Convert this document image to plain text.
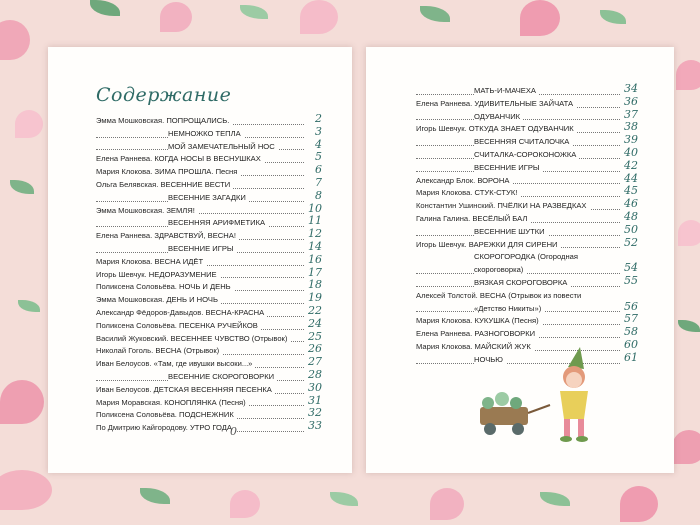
Содержание
Эмма Мошковская. ПОПРОЩАЛИСЬ.	2
НЕМНОЖКО ТЕПЛА	3
МОЙ ЗАМЕЧАТЕЛЬНЫЙ НОС	4
Елена Раннева. КОГДА НОСЫ В ВЕСНУШКАХ	5
Мария Клокова. ЗИМА ПРОШЛА. Песня	6
Ольга Белявская. ВЕСЕННИЕ ВЕСТИ	7
ВЕСЕННИЕ ЗАГАДКИ	8
Эмма Мошковская. ЗЕМЛЯ!	10
ВЕСЕННЯЯ АРИФМЕТИКА	11
Елена Раннева. ЗДРАВСТВУЙ, ВЕСНА!	12
ВЕСЕННИЕ ИГРЫ	14
Мария Клокова. ВЕСНА ИДЁТ	16
Игорь Шевчук. НЕДОРАЗУМЕНИЕ	17
Поликсена Соловьёва. НОЧЬ И ДЕНЬ	18
Эмма Мошковская. ДЕНЬ И НОЧЬ	19
Александр Фёдоров-Давыдов. ВЕСНА-КРАСНА	22
Поликсена Соловьёва. ПЕСЕНКА РУЧЕЙКОВ	24
Василий Жуковский. ВЕСЕННЕЕ ЧУВСТВО (Отрывок) 25
Николай Гоголь. ВЕСНА (Отрывок)	26
Иван Белоусов. «Там, где ивушки высоки...»	27
ВЕСЕННИЕ СКОРОГОВОРКИ	28
Иван Белоусов. ДЕТСКАЯ ВЕСЕННЯЯ ПЕСЕНКА	30
Мария Моравская. КОНОПЛЯНКА (Песня)	31
Поликсена Соловьёва. ПОДСНЕЖНИК	32
По Дмитрию Кайгородову. УТРО ГОДА	33

0

МАТЬ-И-МАЧЕХА	34
Елена Раннева. УДИВИТЕЛЬНЫЕ ЗАЙЧАТА	36
ОДУВАНЧИК	37
Игорь Шевчук. ОТКУДА ЗНАЕТ ОДУВАНЧИК	38
ВЕСЕННЯЯ СЧИТАЛОЧКА	39
СЧИТАЛКА-СОРОКОНОЖКА	40
ВЕСЕННИЕ ИГРЫ	42
Александр Блок. ВОРОНА	44
Мария Клокова. СТУК-СТУК!	45
Константин Ушинский. ПЧЁЛКИ НА РАЗВЕДКАХ	46
Галина Галина. ВЕСЁЛЫЙ БАЛ	48
ВЕСЕННИЕ ШУТКИ	50
Игорь Шевчук. ВАРЕЖКИ ДЛЯ СИРЕНИ	52
СКОРОГОРОДКА (Огородная
скороговорка)	54
ВЯЗКАЯ СКОРОГОВОРКА	55
Алексей Толстой. ВЕСНА (Отрывок из повести
«Детство Никиты»)	56
Мария Клокова. КУКУШКА (Песня)	57
Елена Раннева. РАЗНОГОВОРКИ	58
Мария Клокова. МАЙСКИЙ ЖУК	60
НОЧЬЮ	61
